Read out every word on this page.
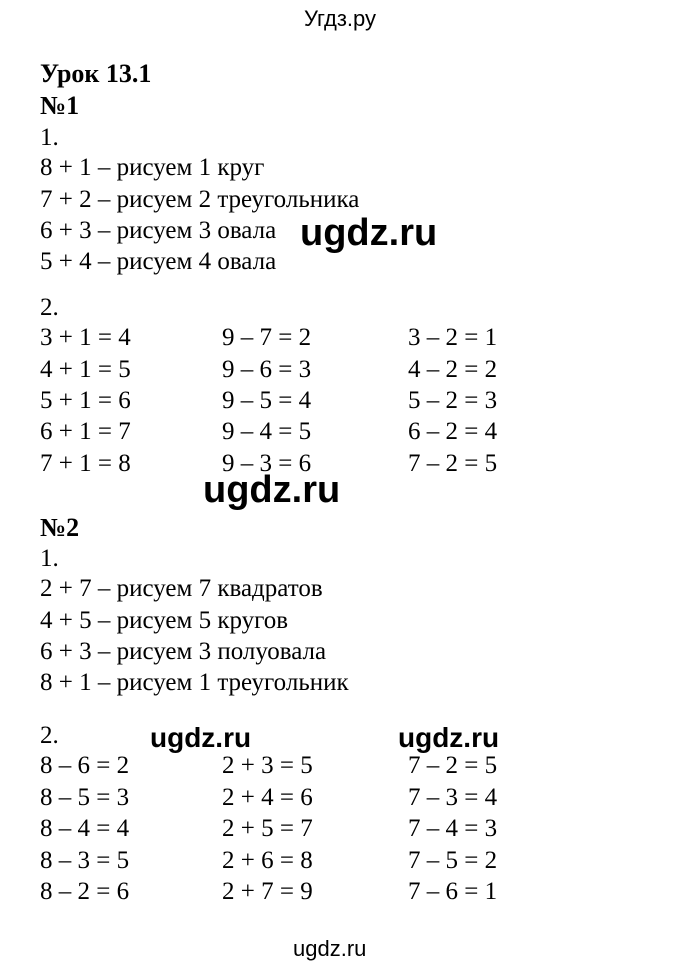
Угдз.ру
Урок 13.1
№1
1.
8 + 1 – рисуем 1 круг
7 + 2 – рисуем 2 треугольника
6 + 3 – рисуем 3 овала
5 + 4 – рисуем 4 овала
2.
3 + 1 = 4
4 + 1 = 5
5 + 1 = 6
6 + 1 = 7
7 + 1 = 8
9 – 7 = 2
9 – 6 = 3
9 – 5 = 4
9 – 4 = 5
9 – 3 = 6
3 – 2 = 1
4 – 2 = 2
5 – 2 = 3
6 – 2 = 4
7 – 2 = 5
№2
1.
2 + 7 – рисуем 7 квадратов
4 + 5 – рисуем 5 кругов
6 + 3 – рисуем 3 полуовала
8 + 1 – рисуем 1 треугольник
2.
8 – 6 = 2
8 – 5 = 3
8 – 4 = 4
8 – 3 = 5
8 – 2 = 6
2 + 3 = 5
2 + 4 = 6
2 + 5 = 7
2 + 6 = 8
2 + 7 = 9
7 – 2 = 5
7 – 3 = 4
7 – 4 = 3
7 – 5 = 2
7 – 6 = 1
ugdz.ru
ugdz.ru
ugdz.ru	ugdz.ru
ugdz.ru
